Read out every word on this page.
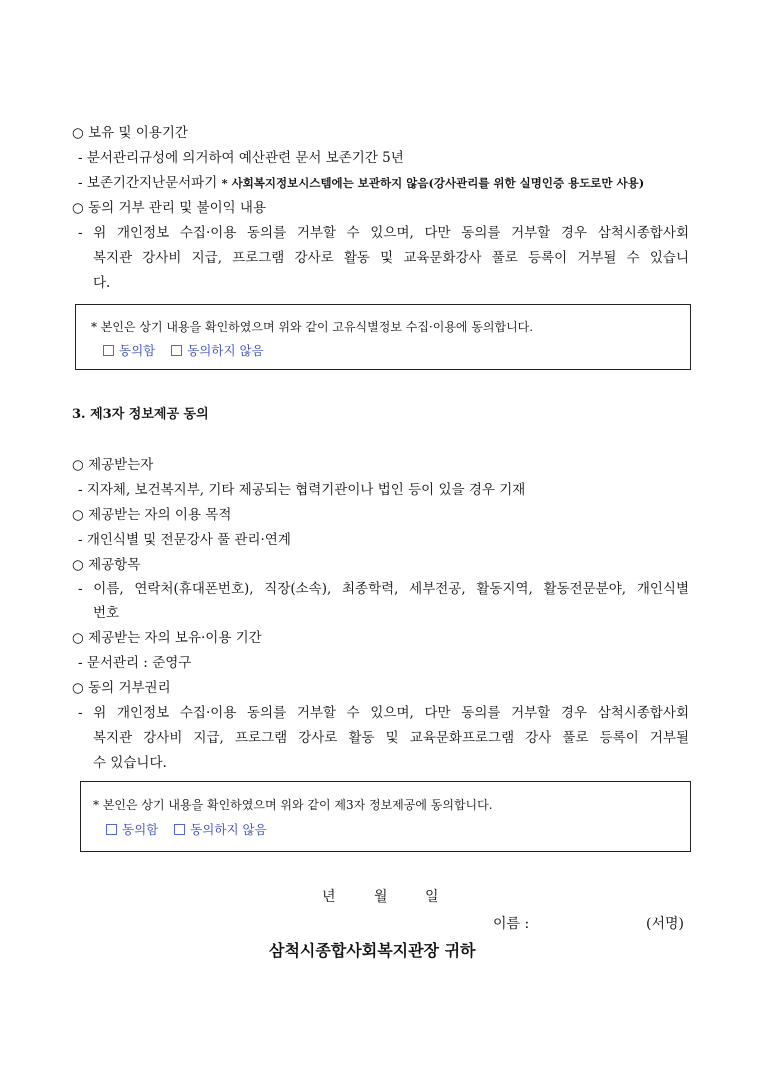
○ 보유 및 이용기간
- 분서관리규성에 의거하여 예산관련 문서 보존기간 5년
- 보존기간지난문서파기 * 사회복지정보시스템에는 보관하지 않음(강사관리를 위한 실명인증 용도로만 사용)
○ 동의 거부 관리 및 불이익 내용
- 위 개인정보 수집·이용 동의를 거부할 수 있으며, 다만 동의를 거부할 경우 삼척시종합사회
복지관 강사비 지급, 프로그램 강사로 활동 및 교육문화강사 풀로 등록이 거부될 수 있습니
다.
* 본인은 상기 내용을 확인하였으며 위와 같이 고유식별정보 수집·이용에 동의합니다.
동의함	동의하지 않음
3. 제3자 정보제공 동의
○ 제공받는자
- 지자체, 보건복지부, 기타 제공되는 협력기관이나 법인 등이 있을 경우 기재
○ 제공받는 자의 이용 목적
- 개인식별 및 전문강사 풀 관리·연계
○ 제공항목
- 이름, 연락처(휴대폰번호), 직장(소속), 최종학력, 세부전공, 활동지역, 활동전문분야, 개인식별
번호
○ 제공받는 자의 보유·이용 기간
- 문서관리 : 준영구
○ 동의 거부권리
- 위 개인정보 수집·이용 동의를 거부할 수 있으며, 다만 동의를 거부할 경우 삼척시종합사회
복지관 강사비 지급, 프로그램 강사로 활동 및 교육문화프로그램 강사 풀로 등록이 거부될
수 있습니다.
* 본인은 상기 내용을 확인하였으며 위와 같이 제3자 정보제공에 동의합니다.
동의함	동의하지 않음
년	월	일
이름 :	(서명)
삼척시종합사회복지관장 귀하
